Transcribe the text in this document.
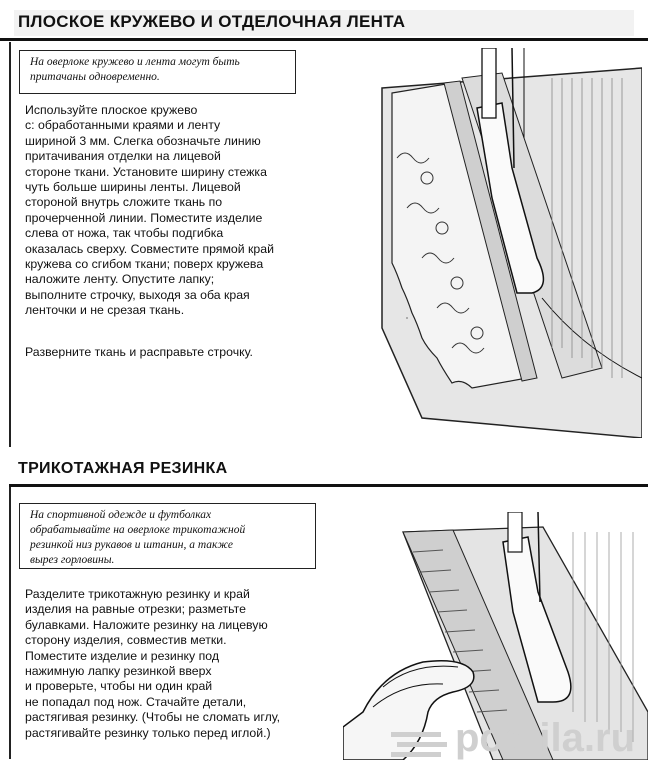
ПЛОСКОЕ КРУЖЕВО И ОТДЕЛОЧНАЯ ЛЕНТА
На оверлоке кружево и лента могут быть
притачаны одновременно.
Используйте плоское кружево
с: обработанными краями и ленту
шириной 3 мм. Слегка обозначьте линию
притачивания отделки на лицевой
стороне ткани. Установите ширину стежка
чуть больше ширины ленты. Лицевой
стороной внутрь сложите ткань по
прочерченной линии. Поместите изделие
слева от ножа, так чтобы подгибка
оказалась сверху. Совместите прямой край
кружева со сгибом ткани; поверх кружева
наложите ленту. Опустите лапку;
выполните строчку, выходя за оба края
ленточки и не срезая ткань.
Разверните ткань и расправьте строчку.
ТРИКОТАЖНАЯ РЕЗИНКА
На спортивной одежде и футболках
обрабатывайте на оверлоке трикотажной
резинкой низ рукавов и штанин, а также
вырез горловины.
Разделите трикотажную резинку и край
изделия на равные отрезки; разметьте
булавками. Наложите резинку на лицевую
сторону изделия, совместив метки.
Поместите изделие и резинку под
нажимную лапку резинкой вверх
и проверьте, чтобы ни один край
не попадал под нож. Стачайте детали,
растягивая резинку. (Чтобы не сломать иглу,
растягивайте резинку только перед иглой.)	postila.ru
